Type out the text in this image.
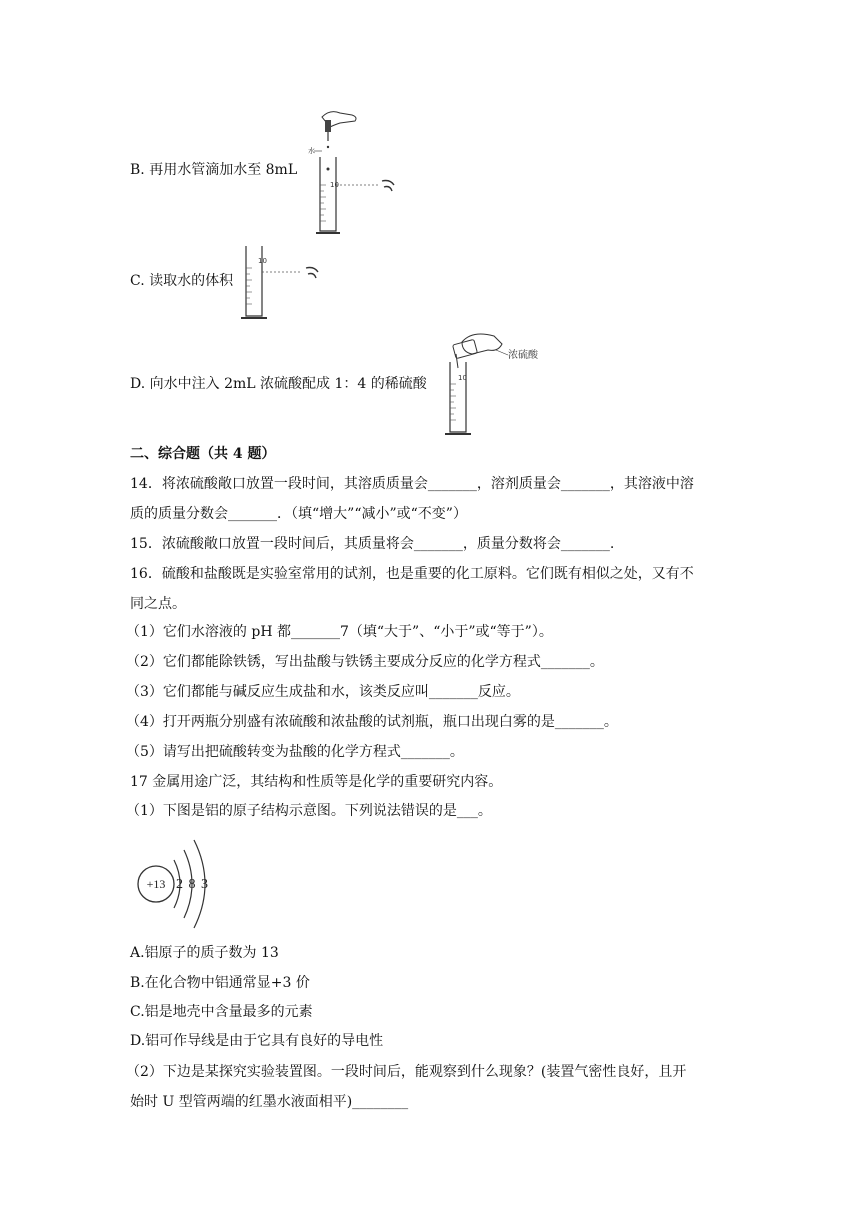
水
10
B. 再用水管滴加水至 8mL
10
C. 读取水的体积
浓硫酸
10
D. 向水中注入 2mL 浓硫酸配成 1：4 的稀硫酸
二、综合题（共 4 题）
14．将浓硫酸敞口放置一段时间，其溶质质量会_______，溶剂质量会_______，其溶液中溶
质的质量分数会_______．（填“增大”“减小”或“不变”）
15．浓硫酸敞口放置一段时间后，其质量将会_______，质量分数将会_______.
16．硫酸和盐酸既是实验室常用的试剂，也是重要的化工原料。它们既有相似之处，又有不
同之点。
（1）它们水溶液的 pH 都_______7（填“大于”、“小于”或“等于”）。
（2）它们都能除铁锈，写出盐酸与铁锈主要成分反应的化学方程式_______。
（3）它们都能与碱反应生成盐和水，该类反应叫_______反应。
（4）打开两瓶分别盛有浓硫酸和浓盐酸的试剂瓶，瓶口出现白雾的是_______。
（5）请写出把硫酸转变为盐酸的化学方程式_______。
17 金属用途广泛，其结构和性质等是化学的重要研究内容。
（1）下图是铝的原子结构示意图。下列说法错误的是___。
+13 2 8 3
A.铝原子的质子数为 13
B.在化合物中铝通常显+3 价
C.铝是地壳中含量最多的元素
D.铝可作导线是由于它具有良好的导电性
（2）下边是某探究实验装置图。一段时间后，能观察到什么现象？(装置气密性良好，且开
始时 U 型管两端的红墨水液面相平)________
